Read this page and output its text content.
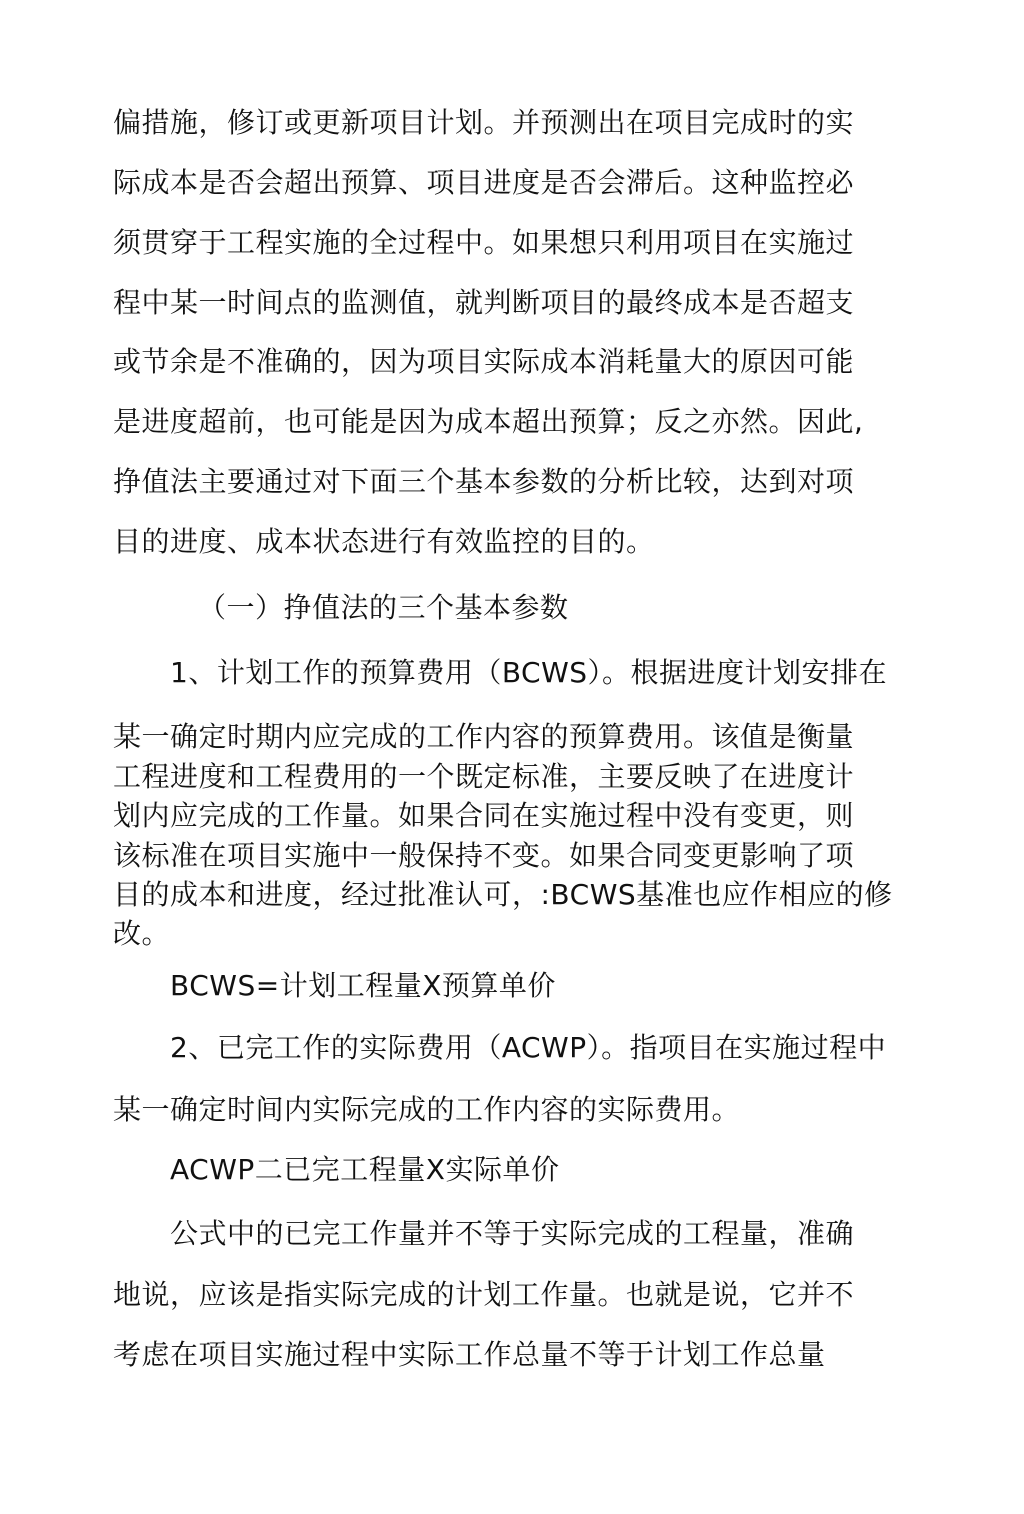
偏措施，修订或更新项目计划。并预测出在项目完成时的实
际成本是否会超出预算、项目进度是否会滞后。这种监控必
须贯穿于工程实施的全过程中。如果想只利用项目在实施过
程中某一时间点的监测值，就判断项目的最终成本是否超支
或节余是不准确的，因为项目实际成本消耗量大的原因可能
是进度超前，也可能是因为成本超出预算；反之亦然。因此,
挣值法主要通过对下面三个基本参数的分析比较，达到对项
目的进度、成本状态进行有效监控的目的。
（一）挣值法的三个基本参数
1、计划工作的预算费用（BCWS）。根据进度计划安排在
某一确定时期内应完成的工作内容的预算费用。该值是衡量
工程进度和工程费用的一个既定标准，主要反映了在进度计
划内应完成的工作量。如果合同在实施过程中没有变更，则
该标准在项目实施中一般保持不变。如果合同变更影响了项
目的成本和进度，经过批准认可，:BCWS基准也应作相应的修
改。
BCWS=计划工程量X预算单价
2、已完工作的实际费用（ACWP）。指项目在实施过程中
某一确定时间内实际完成的工作内容的实际费用。
ACWP二已完工程量X实际单价
公式中的已完工作量并不等于实际完成的工程量，准确
地说，应该是指实际完成的计划工作量。也就是说，它并不
考虑在项目实施过程中实际工作总量不等于计划工作总量
